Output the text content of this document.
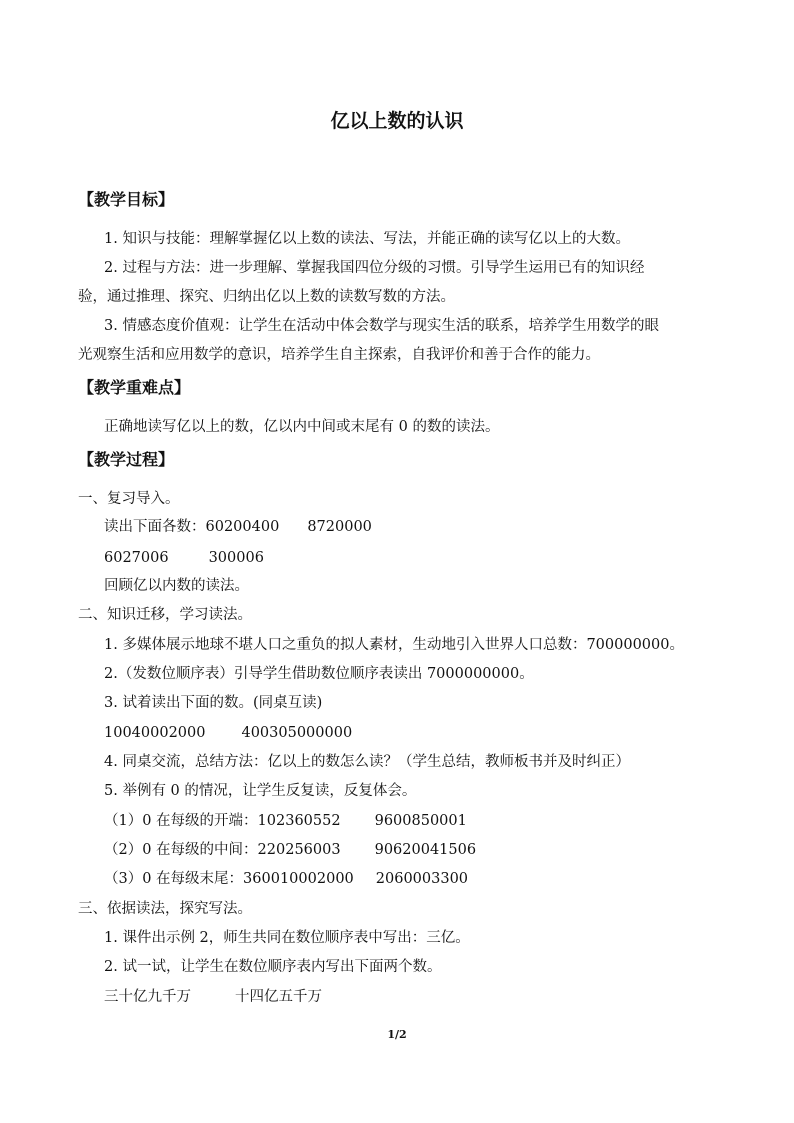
亿以上数的认识
【教学目标】
1. 知识与技能：理解掌握亿以上数的读法、写法，并能正确的读写亿以上的大数。
2. 过程与方法：进一步理解、掌握我国四位分级的习惯。引导学生运用已有的知识经
验，通过推理、探究、归纳出亿以上数的读数写数的方法。
3. 情感态度价值观：让学生在活动中体会数学与现实生活的联系，培养学生用数学的眼
光观察生活和应用数学的意识，培养学生自主探索，自我评价和善于合作的能力。
【教学重难点】
正确地读写亿以上的数，亿以内中间或末尾有 0 的数的读法。
【教学过程】
一、复习导入。
读出下面各数：60200400 8720000
6027006	300006
回顾亿以内数的读法。
二、知识迁移，学习读法。
1. 多媒体展示地球不堪人口之重负的拟人素材，生动地引入世界人口总数：700000000。
2.（发数位顺序表）引导学生借助数位顺序表读出 7000000000。
3. 试着读出下面的数。(同桌互读)
10040002000 400305000000
4. 同桌交流，总结方法：亿以上的数怎么读？（学生总结，教师板书并及时纠正）
5. 举例有 0 的情况，让学生反复读，反复体会。
（1）0 在每级的开端：102360552 9600850001
（2）0 在每级的中间：220256003 90620041506
（3）0 在每级末尾：360010002000 2060003300
三、依据读法，探究写法。
1. 课件出示例 2，师生共同在数位顺序表中写出：三亿。
2. 试一试，让学生在数位顺序表内写出下面两个数。
三十亿九千万	十四亿五千万
1/2
